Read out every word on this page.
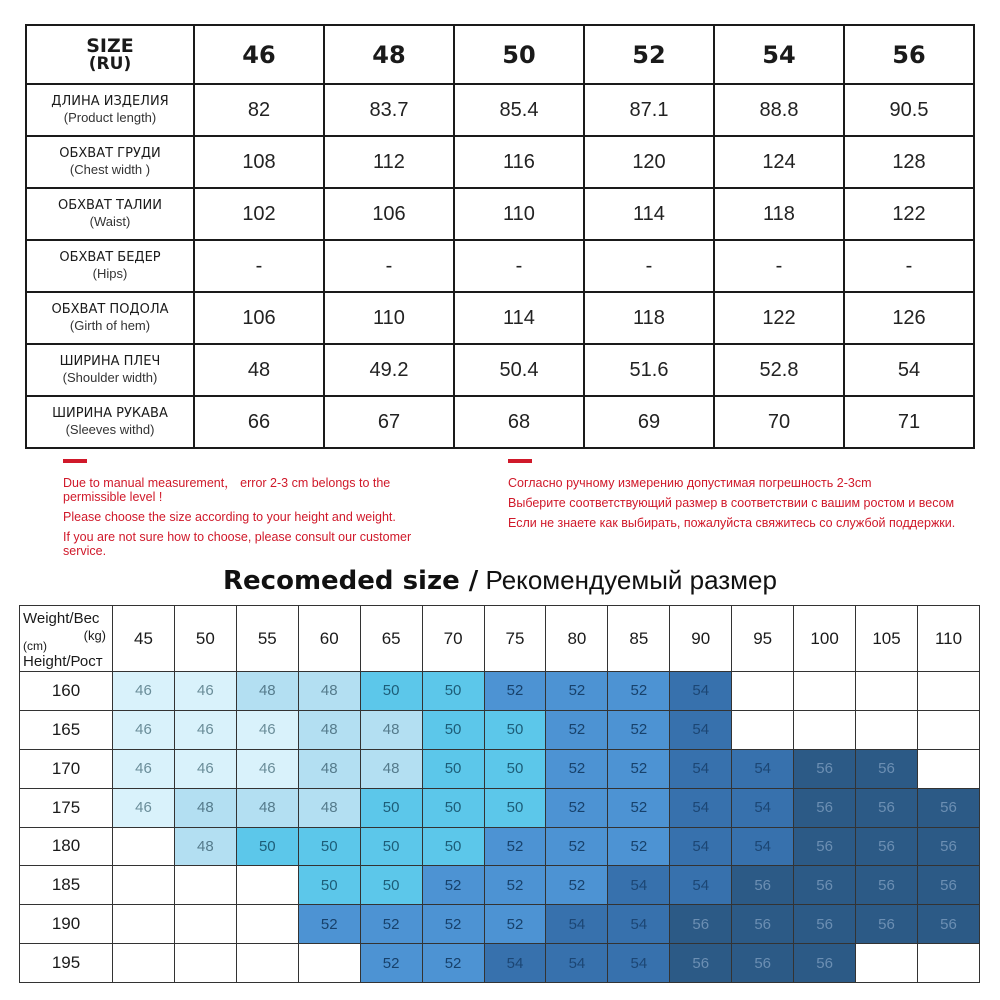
SIZE
(RU)	46	48	50	52	54	56

ДЛИНА ИЗДЕЛИЯ
(Product length)	82	83.7	85.4	87.1	88.8	90.5

ОБХВАТ ГРУДИ
(Chest width )	108	112	116	120	124	128

ОБХВАТ ТАЛИИ
(Waist)	102	106	110	114	118	122

ОБХВАТ БЕДЕР
(Hips)	-	-	-	-	-	-

ОБХВАТ ПОДОЛА
(Girth of hem)	106	110	114	118	122	126

ШИРИНА ПЛЕЧ
(Shoulder width)	48	49.2	50.4	51.6	52.8	54

ШИРИНА РУКАВА
(Sleeves withd)	66	67	68	69	70	71

Due to manual measurement， error 2-3 cm belongs to the permissible level !

Please choose the size according to your height and weight.

If you are not sure how to choose, please consult our customer service.

Согласно ручному измерению допустимая погрешность 2-3cm

Выберите соответствующий размер в соответствии с вашим ростом и весом

Если не знаете как выбирать, пожалуйста свяжитесь со службой поддержки.

Recomeded size / Рекомендуемый размер
Weight/Вес
(kg)
(cm)
Height/Рост	45	50	55	60	65	70	75	80	85	90	95	100	105	110
160	46	46	48	48	50	50	52	52	52	54				
165	46	46	46	48	48	50	50	52	52	54				
170	46	46	46	48	48	50	50	52	52	54	54	56	56	
175	46	48	48	48	50	50	50	52	52	54	54	56	56	56
180		48	50	50	50	50	52	52	52	54	54	56	56	56
185				50	50	52	52	52	54	54	56	56	56	56
190				52	52	52	52	54	54	56	56	56	56	56
195					52	52	54	54	54	56	56	56		
